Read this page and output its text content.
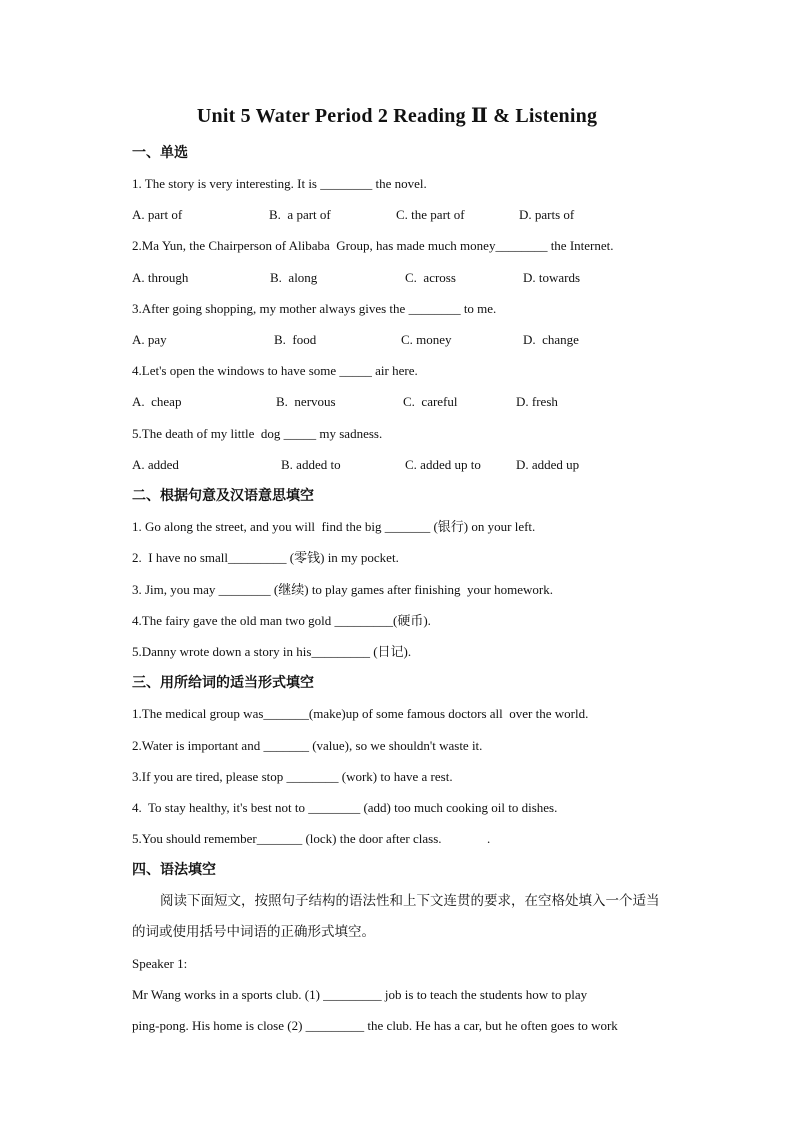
Unit 5 Water Period 2 Reading Ⅱ & Listening
一、单选
1. The story is very interesting. It is ________ the novel.
A. part of	B.  a part of	C. the part of	D. parts of
2.Ma Yun, the Chairperson of Alibaba  Group, has made much money________ the Internet.
A. through	B.  along	C.  across	D. towards
3.After going shopping, my mother always gives the ________ to me.
A. pay	B.  food	C. money	D.  change
4.Let's open the windows to have some _____ air here.
A.  cheap	B.  nervous	C.  careful	D. fresh
5.The death of my little  dog _____ my sadness.
A. added	B. added to	C. added up to	D. added up
二、根据句意及汉语意思填空
1. Go along the street, and you will  find the big _______ (银行) on your left.
2.  I have no small_________ (零钱) in my pocket.
3. Jim, you may ________ (继续) to play games after finishing  your homework.
4.The fairy gave the old man two gold _________(硬币).
5.Danny wrote down a story in his_________ (日记).
三、用所给词的适当形式填空
1.The medical group was_______(make)up of some famous doctors all  over the world.
2.Water is important and _______ (value), so we shouldn't waste it.
3.If you are tired, please stop ________ (work) to have a rest.
4.  To stay healthy, it's best not to ________ (add) too much cooking oil to dishes.
5.You should remember_______ (lock) the door after class.              .
四、语法填空
阅读下面短文，按照句子结构的语法性和上下文连贯的要求，在空格处填入一个适当的词或使用括号中词语的正确形式填空。
Speaker 1:
Mr Wang works in a sports club. (1) _________ job is to teach the students how to play
ping-pong. His home is close (2) _________ the club. He has a car, but he often goes to work
